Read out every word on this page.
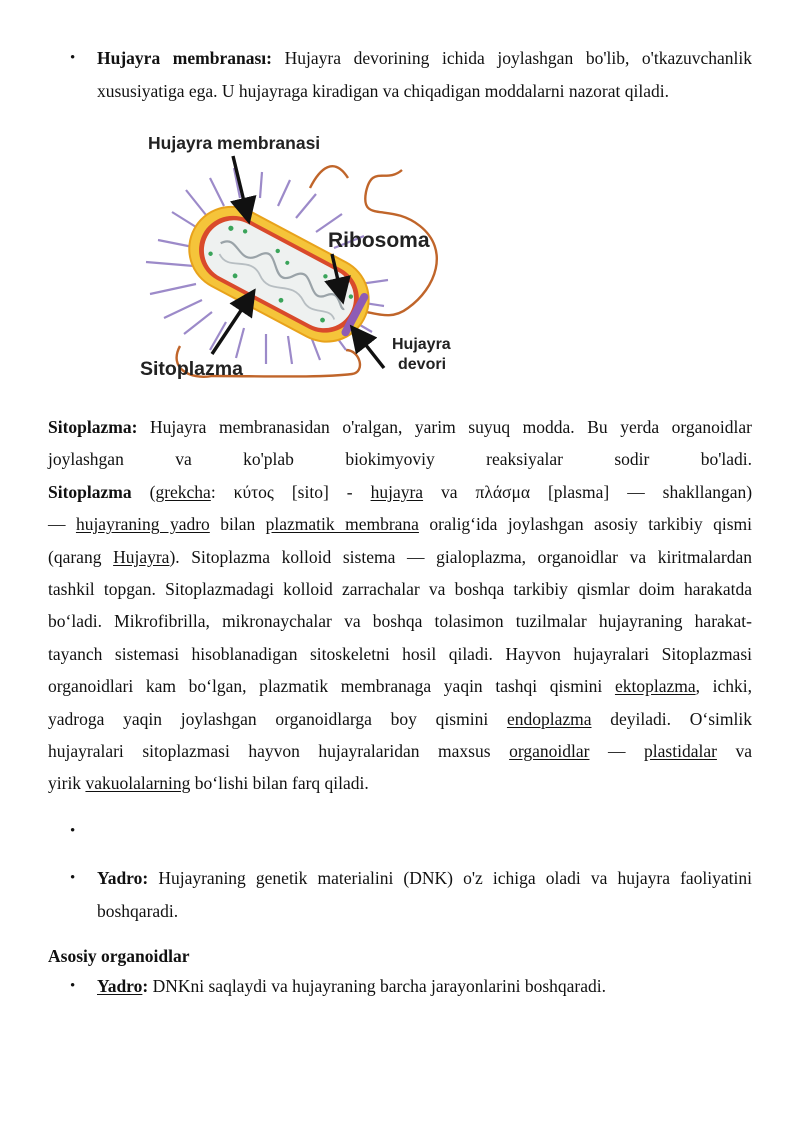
• Hujayra membranası: Hujayra devorining ichida joylashgan bo'lib, o'tkazuvchanlik xususiyatiga ega. U hujayraga kiradigan va chiqadigan moddalarni nazorat qiladi.
Hujayra membranasi
Ribosoma
Sitoplazma
Hujayra
devori
Sitoplazma: Hujayra membranasidan o'ralgan, yarim suyuq modda. Bu yerda organoidlar
joylashgan va ko'plab biokimyoviy reaksiyalar sodir bo'ladi.
Sitoplazma (grekcha: κύτος [sito] - hujayra va πλάσμα [plasma] — shakllangan)
— hujayraning yadro bilan plazmatik membrana oraligʻida joylashgan asosiy tarkibiy qismi
(qarang Hujayra). Sitoplazma kolloid sistema — gialoplazma, organoidlar va kiritmalardan
tashkil topgan. Sitoplazmadagi kolloid zarrachalar va boshqa tarkibiy qismlar doim harakatda
boʻladi. Mikrofibrilla, mikronaychalar va boshqa tolasimon tuzilmalar hujayraning harakat-
tayanch sistemasi hisoblanadigan sitoskeletni hosil qiladi. Hayvon hujayralari Sitoplazmasi
organoidlari kam boʻlgan, plazmatik membranaga yaqin tashqi qismini ektoplazma, ichki,
yadroga yaqin joylashgan organoidlarga boy qismini endoplazma deyiladi. Oʻsimlik
hujayralari sitoplazmasi hayvon hujayralaridan maxsus organoidlar — plastidalar va
yirik vakuolalarning boʻlishi bilan farq qiladi.
•
• Yadro: Hujayraning genetik materialini (DNK) o'z ichiga oladi va hujayra faoliyatini boshqaradi.
Asosiy organoidlar
• Yadro: DNKni saqlaydi va hujayraning barcha jarayonlarini boshqaradi.
